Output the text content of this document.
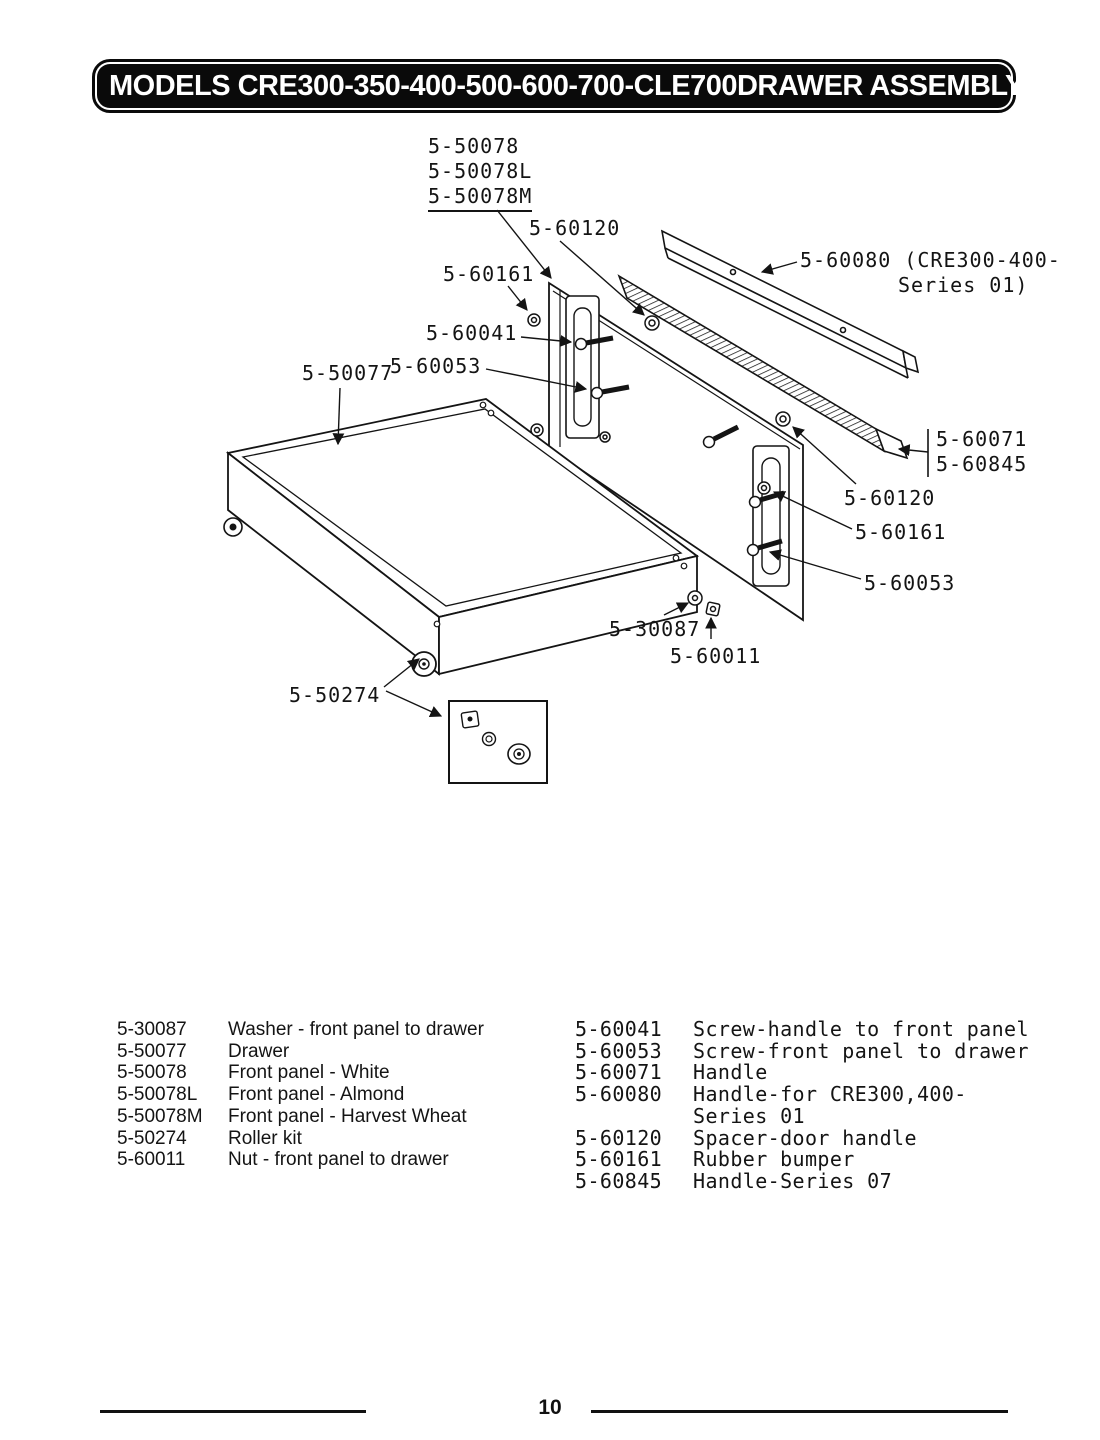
MODELS CRE300-350-400-500-600-700-CLE700 DRAWER ASSEMBLY
5-50078
5-50078L
5-50078M
5-60120
5-60080 (CRE300-400-
Series 01)
5-60161
5-60041
5-50077
5-60053
5-60071
5-60845
5-60120
5-60161
5-60053
5-30087
5-60011
5-50274
5-30087	Washer - front panel to drawer
5-50077	Drawer
5-50078	Front panel - White
5-50078L	Front panel - Almond
5-50078M	Front panel - Harvest Wheat
5-50274	Roller kit
5-60011	Nut - front panel to drawer
5-60041	Screw-handle to front panel
5-60053	Screw-front panel to drawer
5-60071	Handle
5-60080	Handle-for CRE300,400-
Series 01
5-60120	Spacer-door handle
5-60161	Rubber bumper
5-60845	Handle-Series 07
10
